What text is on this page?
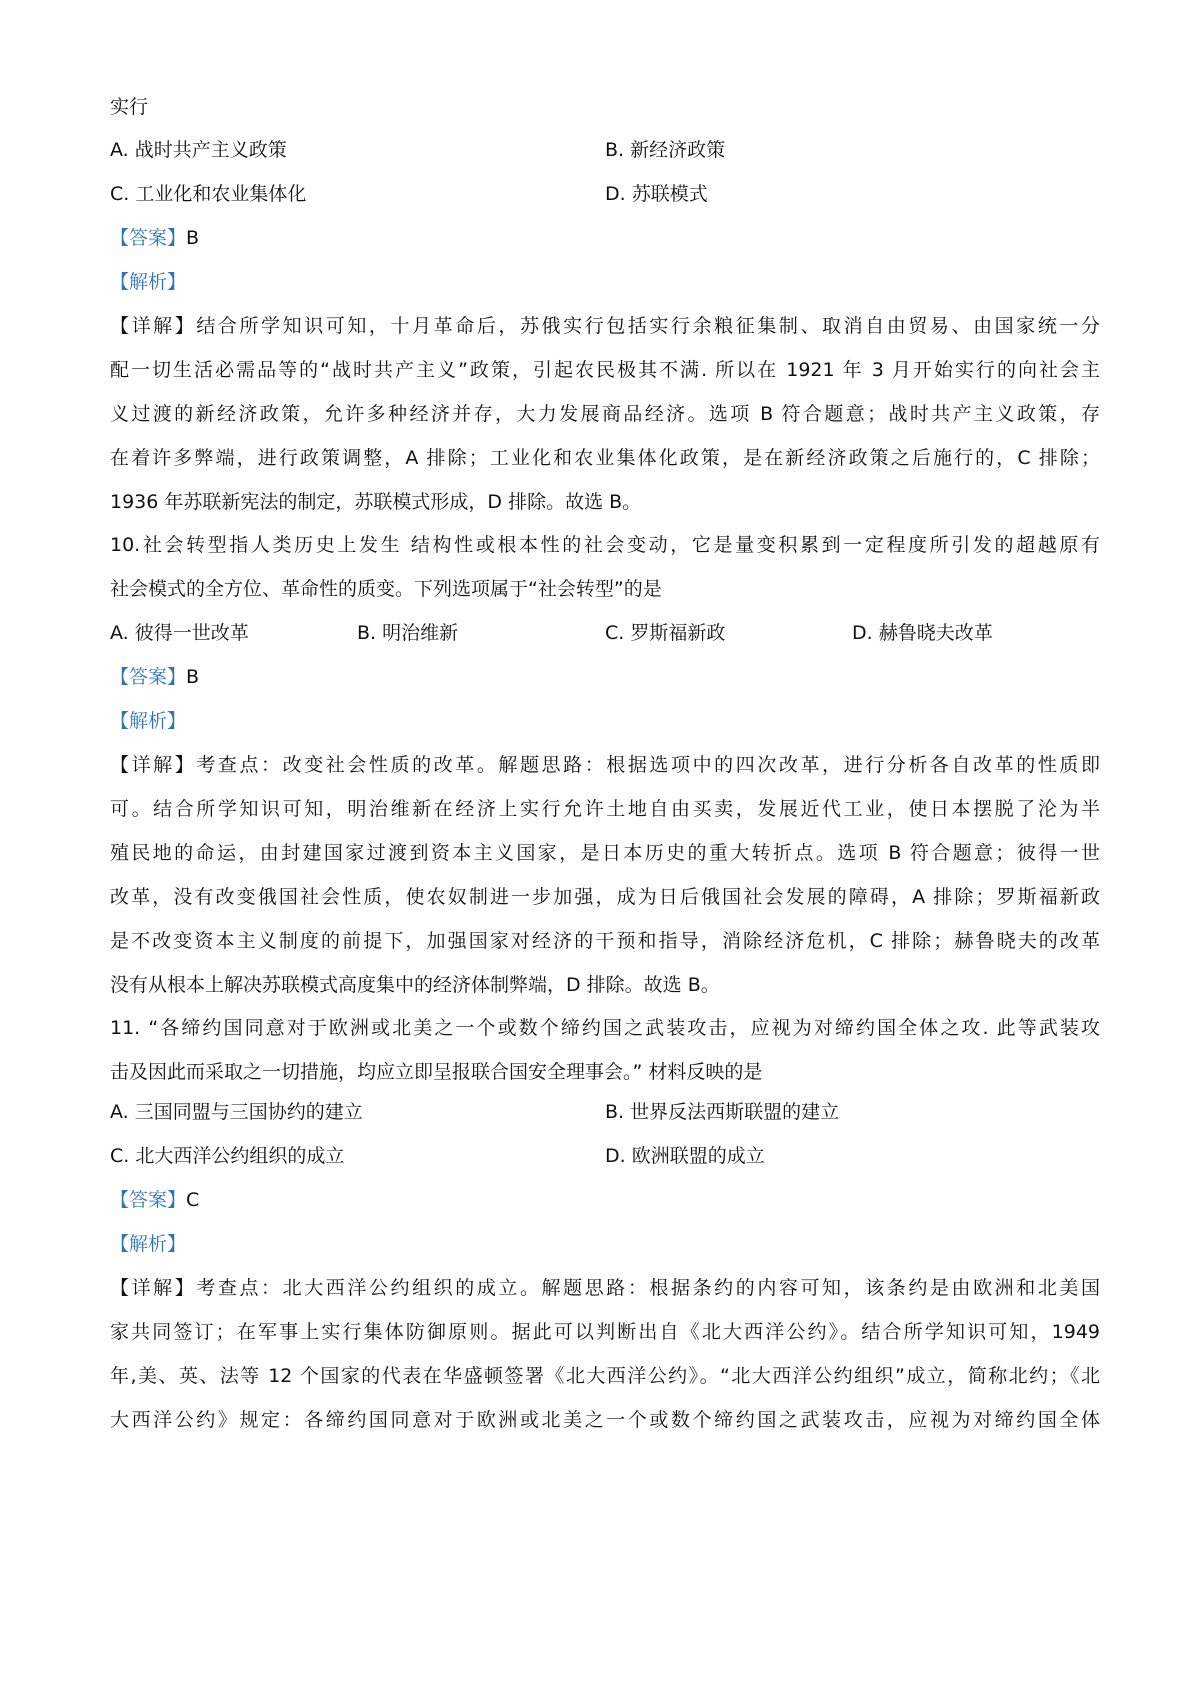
实行
A. 战时共产主义政策	B. 新经济政策
C. 工业化和农业集体化	D. 苏联模式
【答案】B
【解析】
【详解】结合所学知识可知，十月革命后，苏俄实行包括实行余粮征集制、取消自由贸易、由国家统一分
配一切生活必需品等的“战时共产主义”政策，引起农民极其不满. 所以在 1921 年 3 月开始实行的向社会主
义过渡的新经济政策，允许多种经济并存，大力发展商品经济。选项 B 符合题意；战时共产主义政策，存
在着许多弊端，进行政策调整，A 排除；工业化和农业集体化政策，是在新经济政策之后施行的，C 排除；
1936 年苏联新宪法的制定，苏联模式形成，D 排除。故选 B。
10.社会转型指人类历史上发生 结构性或根本性的社会变动，它是量变积累到一定程度所引发的超越原有
社会模式的全方位、革命性的质变。下列选项属于“社会转型”的是
A. 彼得一世改革	B. 明治维新	C. 罗斯福新政	D. 赫鲁晓夫改革
【答案】B
【解析】
【详解】考查点：改变社会性质的改革。解题思路：根据选项中的四次改革，进行分析各自改革的性质即
可。结合所学知识可知，明治维新在经济上实行允许土地自由买卖，发展近代工业，使日本摆脱了沦为半
殖民地的命运，由封建国家过渡到资本主义国家，是日本历史的重大转折点。选项 B 符合题意；彼得一世
改革，没有改变俄国社会性质，使农奴制进一步加强，成为日后俄国社会发展的障碍，A 排除；罗斯福新政
是不改变资本主义制度的前提下，加强国家对经济的干预和指导，消除经济危机，C 排除；赫鲁晓夫的改革
没有从根本上解决苏联模式高度集中的经济体制弊端，D 排除。故选 B。
11. “各缔约国同意对于欧洲或北美之一个或数个缔约国之武装攻击，应视为对缔约国全体之攻. 此等武装攻
击及因此而采取之一切措施，均应立即呈报联合国安全理事会。” 材料反映的是
A. 三国同盟与三国协约的建立	B. 世界反法西斯联盟的建立
C. 北大西洋公约组织的成立	D. 欧洲联盟的成立
【答案】C
【解析】
【详解】考查点：北大西洋公约组织的成立。解题思路：根据条约的内容可知，该条约是由欧洲和北美国
家共同签订；在军事上实行集体防御原则。据此可以判断出自《北大西洋公约》。结合所学知识可知，1949
年,美、英、法等 12 个国家的代表在华盛顿签署《北大西洋公约》。“北大西洋公约组织”成立，简称北约；《北
大西洋公约》规定：各缔约国同意对于欧洲或北美之一个或数个缔约国之武装攻击，应视为对缔约国全体
